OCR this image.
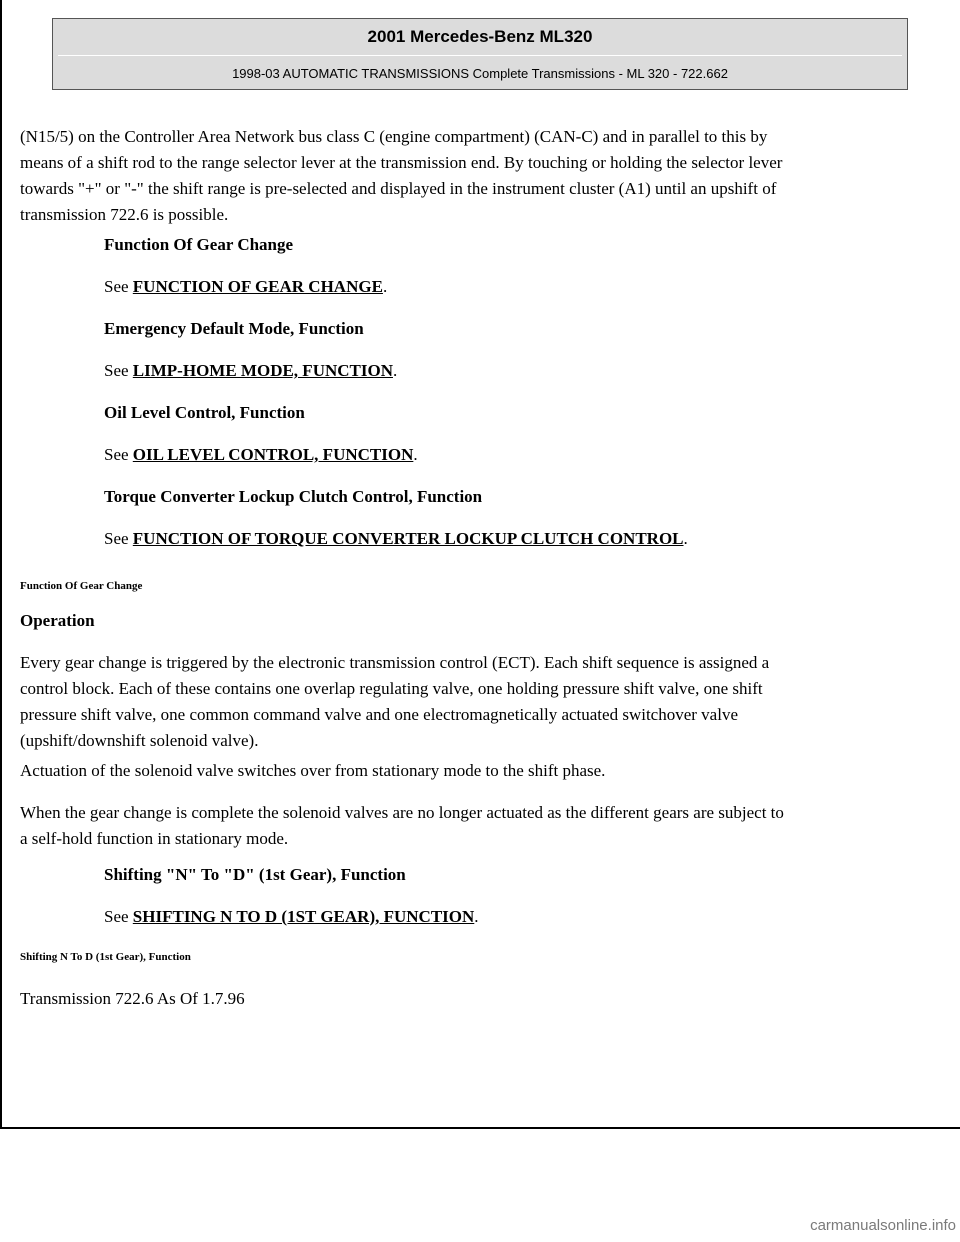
2001 Mercedes-Benz ML320
1998-03 AUTOMATIC TRANSMISSIONS Complete Transmissions - ML 320 - 722.662
(N15/5) on the Controller Area Network bus class C (engine compartment) (CAN-C) and in parallel to this by
means of a shift rod to the range selector lever at the transmission end. By touching or holding the selector lever
towards "+" or "-" the shift range is pre-selected and displayed in the instrument cluster (A1) until an upshift of
transmission 722.6 is possible.
Function Of Gear Change
See FUNCTION OF GEAR CHANGE.
Emergency Default Mode, Function
See LIMP-HOME MODE, FUNCTION.
Oil Level Control, Function
See OIL LEVEL CONTROL, FUNCTION.
Torque Converter Lockup Clutch Control, Function
See FUNCTION OF TORQUE CONVERTER LOCKUP CLUTCH CONTROL.
Function Of Gear Change
Operation
Every gear change is triggered by the electronic transmission control (ECT). Each shift sequence is assigned a
control block. Each of these contains one overlap regulating valve, one holding pressure shift valve, one shift
pressure shift valve, one common command valve and one electromagnetically actuated switchover valve
(upshift/downshift solenoid valve).
Actuation of the solenoid valve switches over from stationary mode to the shift phase.
When the gear change is complete the solenoid valves are no longer actuated as the different gears are subject to
a self-hold function in stationary mode.
Shifting "N" To "D" (1st Gear), Function
See SHIFTING N TO D (1ST GEAR), FUNCTION.
Shifting N To D (1st Gear), Function
Transmission 722.6 As Of 1.7.96
carmanualsonline.info
